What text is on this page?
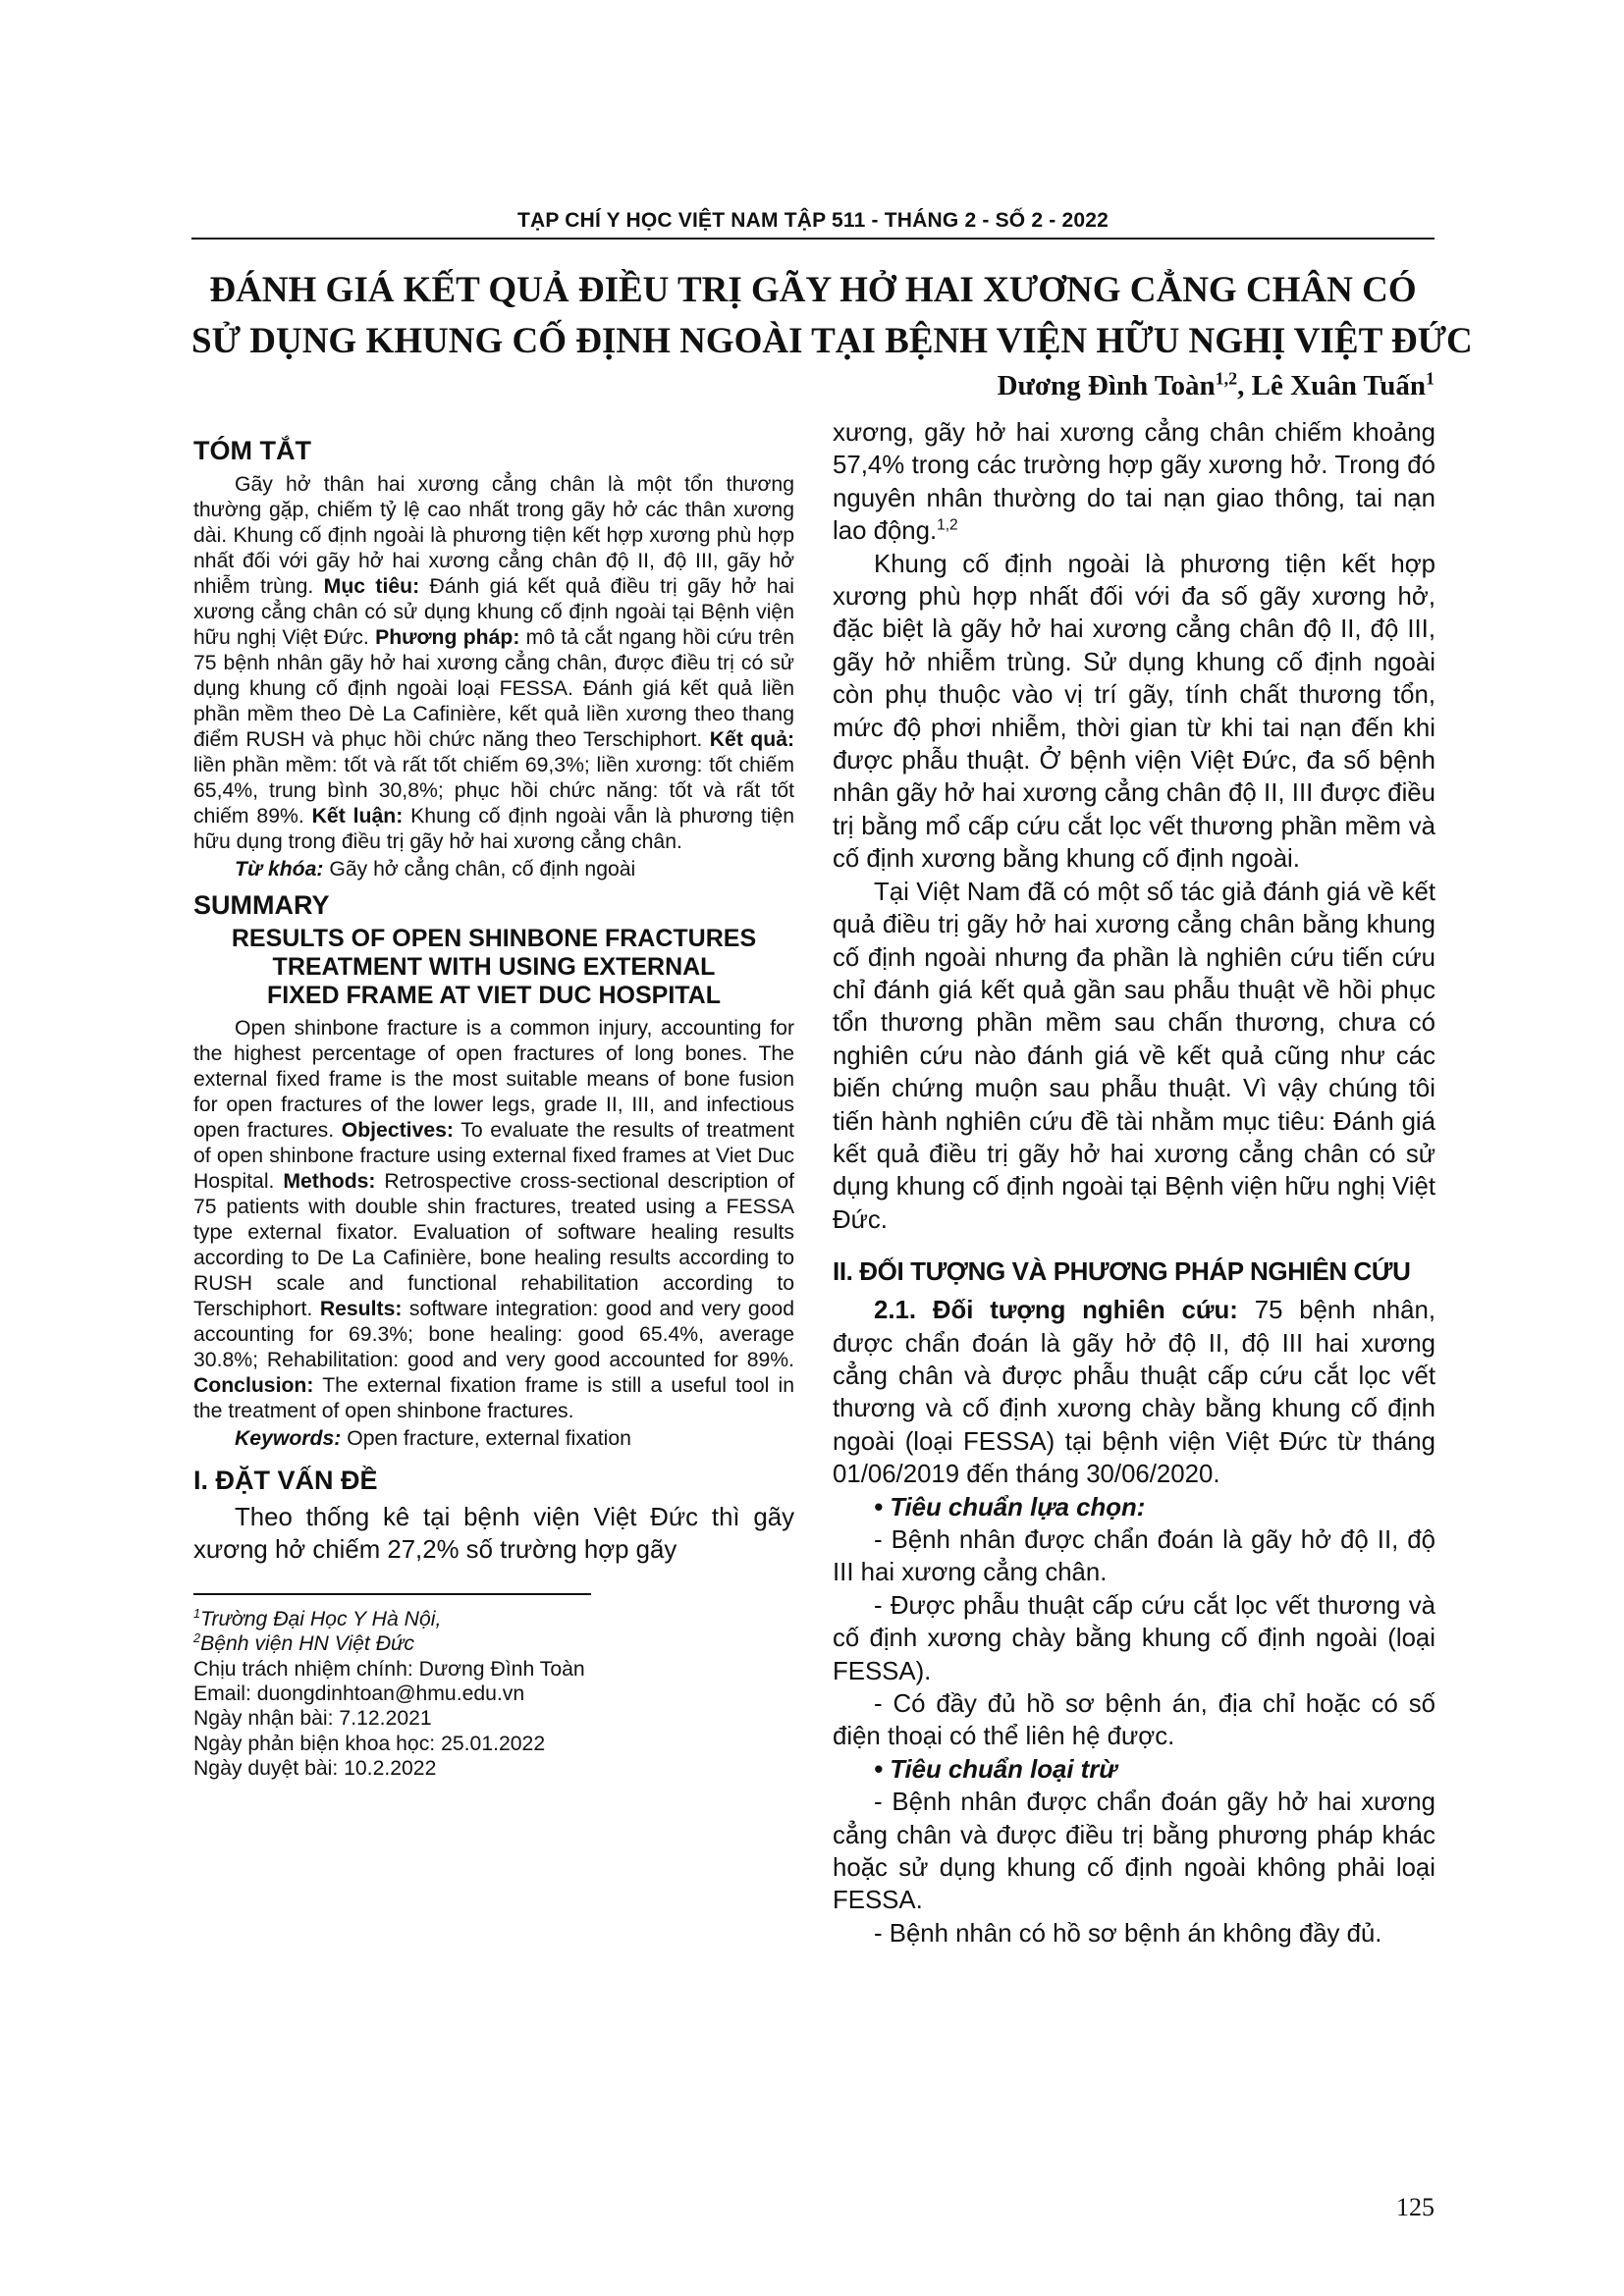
TẠP CHÍ Y HỌC VIỆT NAM TẬP 511 - THÁNG 2 - SỐ 2 - 2022
ĐÁNH GIÁ KẾT QUẢ ĐIỀU TRỊ GÃY HỞ HAI XƯƠNG CẲNG CHÂN CÓ
SỬ DỤNG KHUNG CỐ ĐỊNH NGOÀI TẠI BỆNH VIỆN HỮU NGHỊ VIỆT ĐỨC
Dương Đình Toàn$^{1,2}$, Lê Xuân Tuấn$^1$
TÓM TẮT

Gãy hở thân hai xương cẳng chân là một tổn thương thường gặp, chiếm tỷ lệ cao nhất trong gãy hở các thân xương dài. Khung cố định ngoài là phương tiện kết hợp xương phù hợp nhất đối với gãy hở hai xương cẳng chân độ II, độ III, gãy hở nhiễm trùng. Mục tiêu: Đánh giá kết quả điều trị gãy hở hai xương cẳng chân có sử dụng khung cố định ngoài tại Bệnh viện hữu nghị Việt Đức. Phương pháp: mô tả cắt ngang hồi cứu trên 75 bệnh nhân gãy hở hai xương cẳng chân, được điều trị có sử dụng khung cố định ngoài loại FESSA. Đánh giá kết quả liền phần mềm theo Dè La Cafinière, kết quả liền xương theo thang điểm RUSH và phục hồi chức năng theo Terschiphort. Kết quả: liền phần mềm: tốt và rất tốt chiếm 69,3%; liền xương: tốt chiếm 65,4%, trung bình 30,8%; phục hồi chức năng: tốt và rất tốt chiếm 89%. Kết luận: Khung cố định ngoài vẫn là phương tiện hữu dụng trong điều trị gãy hở hai xương cẳng chân.

Từ khóa: Gãy hở cẳng chân, cố định ngoài

SUMMARY
RESULTS OF OPEN SHINBONE FRACTURES
TREATMENT WITH USING EXTERNAL
FIXED FRAME AT VIET DUC HOSPITAL

Open shinbone fracture is a common injury, accounting for the highest percentage of open fractures of long bones. The external fixed frame is the most suitable means of bone fusion for open fractures of the lower legs, grade II, III, and infectious open fractures. Objectives: To evaluate the results of treatment of open shinbone fracture using external fixed frames at Viet Duc Hospital. Methods: Retrospective cross-sectional description of 75 patients with double shin fractures, treated using a FESSA type external fixator. Evaluation of software healing results according to De La Cafinière, bone healing results according to RUSH scale and functional rehabilitation according to Terschiphort. Results: software integration: good and very good accounting for 69.3%; bone healing: good 65.4%, average 30.8%; Rehabilitation: good and very good accounted for 89%. Conclusion: The external fixation frame is still a useful tool in the treatment of open shinbone fractures.

Keywords: Open fracture, external fixation

I. ĐẶT VẤN ĐỀ

Theo thống kê tại bệnh viện Việt Đức thì gãy xương hở chiếm 27,2% số trường hợp gãy

$^1$Trường Đại Học Y Hà Nội,
$^2$Bệnh viện HN Việt Đức
Chịu trách nhiệm chính: Dương Đình Toàn
Email: duongdinhtoan@hmu.edu.vn
Ngày nhận bài: 7.12.2021
Ngày phản biện khoa học: 25.01.2022
Ngày duyệt bài: 10.2.2022

xương, gãy hở hai xương cẳng chân chiếm khoảng 57,4% trong các trường hợp gãy xương hở. Trong đó nguyên nhân thường do tai nạn giao thông, tai nạn lao động.$^{1,2}$

Khung cố định ngoài là phương tiện kết hợp xương phù hợp nhất đối với đa số gãy xương hở, đặc biệt là gãy hở hai xương cẳng chân độ II, độ III, gãy hở nhiễm trùng. Sử dụng khung cố định ngoài còn phụ thuộc vào vị trí gãy, tính chất thương tổn, mức độ phơi nhiễm, thời gian từ khi tai nạn đến khi được phẫu thuật. Ở bệnh viện Việt Đức, đa số bệnh nhân gãy hở hai xương cẳng chân độ II, III được điều trị bằng mổ cấp cứu cắt lọc vết thương phần mềm và cố định xương bằng khung cố định ngoài.

Tại Việt Nam đã có một số tác giả đánh giá về kết quả điều trị gãy hở hai xương cẳng chân bằng khung cố định ngoài nhưng đa phần là nghiên cứu tiến cứu chỉ đánh giá kết quả gần sau phẫu thuật về hồi phục tổn thương phần mềm sau chấn thương, chưa có nghiên cứu nào đánh giá về kết quả cũng như các biến chứng muộn sau phẫu thuật. Vì vậy chúng tôi tiến hành nghiên cứu đề tài nhằm mục tiêu: Đánh giá kết quả điều trị gãy hở hai xương cẳng chân có sử dụng khung cố định ngoài tại Bệnh viện hữu nghị Việt Đức.

II. ĐỐI TƯỢNG VÀ PHƯƠNG PHÁP NGHIÊN CỨU

2.1. Đối tượng nghiên cứu: 75 bệnh nhân, được chẩn đoán là gãy hở độ II, độ III hai xương cẳng chân và được phẫu thuật cấp cứu cắt lọc vết thương và cố định xương chày bằng khung cố định ngoài (loại FESSA) tại bệnh viện Việt Đức từ tháng 01/06/2019 đến tháng 30/06/2020.

• Tiêu chuẩn lựa chọn:

- Bệnh nhân được chẩn đoán là gãy hở độ II, độ III hai xương cẳng chân.

- Được phẫu thuật cấp cứu cắt lọc vết thương và cố định xương chày bằng khung cố định ngoài (loại FESSA).

- Có đầy đủ hồ sơ bệnh án, địa chỉ hoặc có số điện thoại có thể liên hệ được.

• Tiêu chuẩn loại trừ

- Bệnh nhân được chẩn đoán gãy hở hai xương cẳng chân và được điều trị bằng phương pháp khác hoặc sử dụng khung cố định ngoài không phải loại FESSA.

- Bệnh nhân có hồ sơ bệnh án không đầy đủ.

125
